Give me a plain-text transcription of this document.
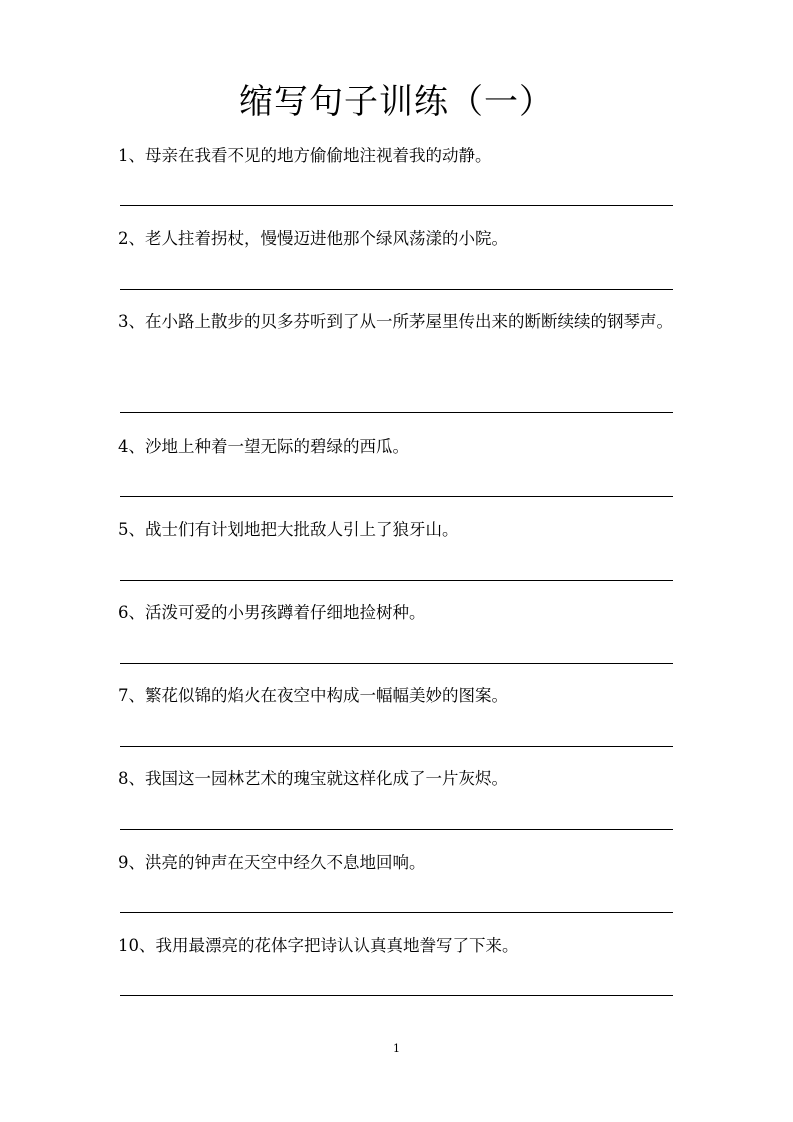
缩写句子训练（一）

1、母亲在我看不见的地方偷偷地注视着我的动静。

2、老人拄着拐杖，慢慢迈进他那个绿风荡漾的小院。

3、在小路上散步的贝多芬听到了从一所茅屋里传出来的断断续续的钢琴声。

4、沙地上种着一望无际的碧绿的西瓜。

5、战士们有计划地把大批敌人引上了狼牙山。

6、活泼可爱的小男孩蹲着仔细地捡树种。

7、繁花似锦的焰火在夜空中构成一幅幅美妙的图案。

8、我国这一园林艺术的瑰宝就这样化成了一片灰烬。

9、洪亮的钟声在天空中经久不息地回响。

10、我用最漂亮的花体字把诗认认真真地誊写了下来。

1
